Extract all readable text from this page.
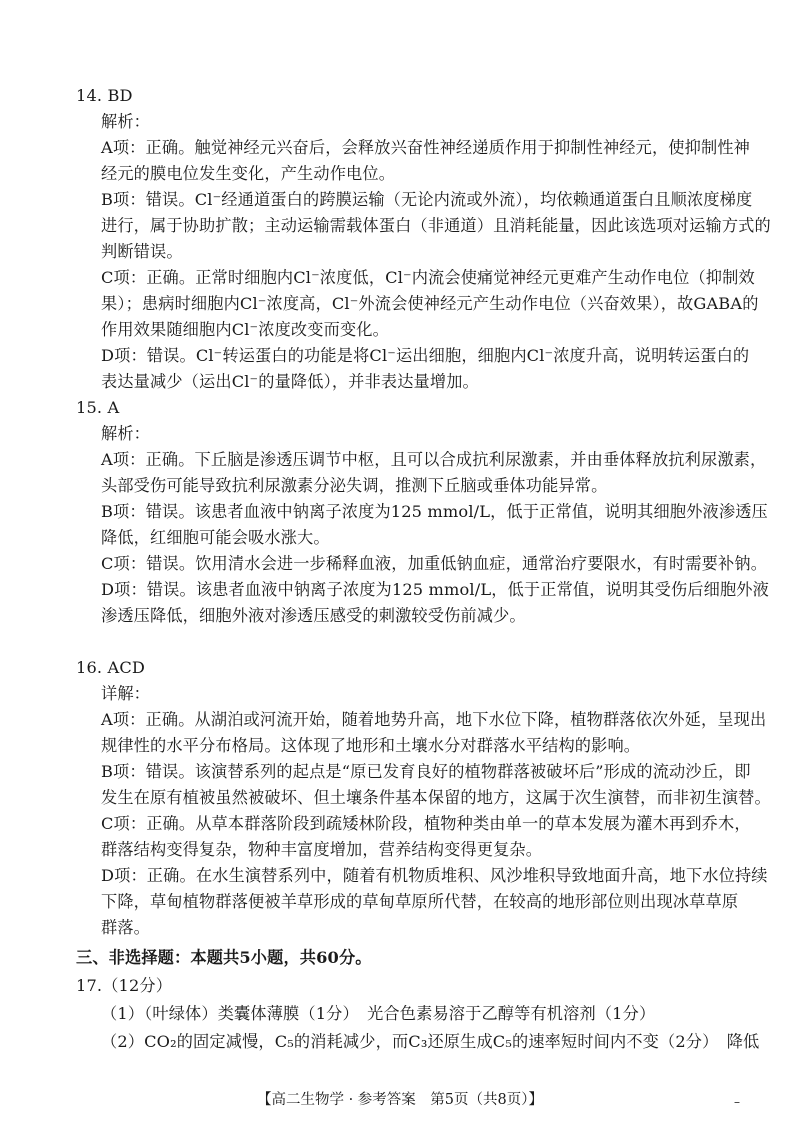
14. BD
解析：
A项：正确。触觉神经元兴奋后，会释放兴奋性神经递质作用于抑制性神经元，使抑制性神
经元的膜电位发生变化，产生动作电位。
B项：错误。Cl⁻经通道蛋白的跨膜运输（无论内流或外流），均依赖通道蛋白且顺浓度梯度
进行，属于协助扩散；主动运输需载体蛋白（非通道）且消耗能量，因此该选项对运输方式的
判断错误。
C项：正确。正常时细胞内Cl⁻浓度低，Cl⁻内流会使痛觉神经元更难产生动作电位（抑制效
果）；患病时细胞内Cl⁻浓度高，Cl⁻外流会使神经元产生动作电位（兴奋效果），故GABA的
作用效果随细胞内Cl⁻浓度改变而变化。
D项：错误。Cl⁻转运蛋白的功能是将Cl⁻运出细胞，细胞内Cl⁻浓度升高，说明转运蛋白的
表达量减少（运出Cl⁻的量降低），并非表达量增加。
15. A
解析：
A项：正确。下丘脑是渗透压调节中枢，且可以合成抗利尿激素，并由垂体释放抗利尿激素，
头部受伤可能导致抗利尿激素分泌失调，推测下丘脑或垂体功能异常。
B项：错误。该患者血液中钠离子浓度为125 mmol/L，低于正常值，说明其细胞外液渗透压
降低，红细胞可能会吸水涨大。
C项：错误。饮用清水会进一步稀释血液，加重低钠血症，通常治疗要限水，有时需要补钠。
D项：错误。该患者血液中钠离子浓度为125 mmol/L，低于正常值，说明其受伤后细胞外液
渗透压降低，细胞外液对渗透压感受的刺激较受伤前减少。
16. ACD
详解：
A项：正确。从湖泊或河流开始，随着地势升高，地下水位下降，植物群落依次外延，呈现出
规律性的水平分布格局。这体现了地形和土壤水分对群落水平结构的影响。
B项：错误。该演替系列的起点是“原已发育良好的植物群落被破坏后”形成的流动沙丘，即
发生在原有植被虽然被破坏、但土壤条件基本保留的地方，这属于次生演替，而非初生演替。
C项：正确。从草本群落阶段到疏矮林阶段，植物种类由单一的草本发展为灌木再到乔木，
群落结构变得复杂，物种丰富度增加，营养结构变得更复杂。
D项：正确。在水生演替系列中，随着有机物质堆积、风沙堆积导致地面升高，地下水位持续
下降，草甸植物群落便被羊草形成的草甸草原所代替，在较高的地形部位则出现冰草草原
群落。
三、非选择题：本题共5小题，共60分。
17.（12分）
【高二生物学 · 参考答案　第5页（共8页）】	–
（1）（叶绿体）类囊体薄膜（1分）　光合色素易溶于乙醇等有机溶剂（1分）
（2）CO₂的固定减慢，C₅的消耗减少，而C₃还原生成C₅的速率短时间内不变（2分）　降低
